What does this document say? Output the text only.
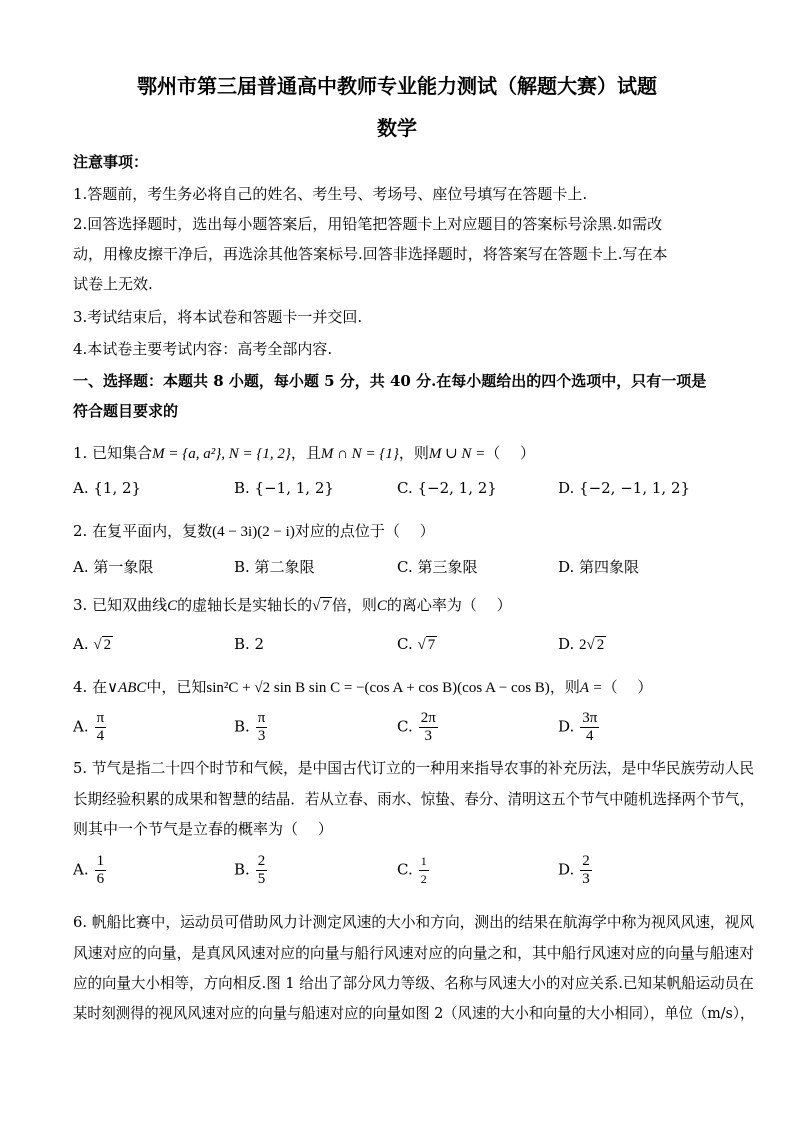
鄂州市第三届普通高中教师专业能力测试（解题大赛）试题
数学
注意事项：
1.答题前，考生务必将自己的姓名、考生号、考场号、座位号填写在答题卡上.
2.回答选择题时，选出每小题答案后，用铅笔把答题卡上对应题目的答案标号涂黑.如需改
动，用橡皮擦干净后，再选涂其他答案标号.回答非选择题时，将答案写在答题卡上.写在本
试卷上无效.
3.考试结束后，将本试卷和答题卡一并交回.
4.本试卷主要考试内容：高考全部内容.
一、选择题：本题共 8 小题，每小题 5 分，共 40 分.在每小题给出的四个选项中，只有一项是
符合题目要求的
1. 已知集合M = {a, a²}, N = {1, 2}，且M ∩ N = {1}，则M ∪ N =（　 ）
A. {1, 2}	B. {−1, 1, 2}	C. {−2, 1, 2}	D. {−2, −1, 1, 2}
2. 在复平面内，复数(4 − 3i)(2 − i)对应的点位于（　 ）
A. 第一象限	B. 第二象限	C. 第三象限	D. 第四象限
3. 已知双曲线C的虚轴长是实轴长的√ 7 倍，则C的离心率为（　 ）
A. √ 2	B. 2	C. √ 7	D. 2√ 2
4. 在∨ABC中，已知sin²C + √2 sin B sin C = −(cos A + cos B)(cos A − cos B)，则A =（　 ）
A. $\frac{\pi}{4}$	B. $\frac{\pi}{3}$	C. $\frac{2\pi}{3}$	D. $\frac{3\pi}{4}$
5. 节气是指二十四个时节和气候，是中国古代订立的一种用来指导农事的补充历法，是中华民族劳动人民
长期经验积累的成果和智慧的结晶．若从立春、雨水、惊蛰、春分、清明这五个节气中随机选择两个节气，
则其中一个节气是立春的概率为（　 ）
A. $\frac{1}{6}$	B. $\frac{2}{5}$	C. $\frac{1}{2}$	D. $\frac{2}{3}$
6. 帆船比赛中，运动员可借助风力计测定风速的大小和方向，测出的结果在航海学中称为视风风速，视风
风速对应的向量，是真风风速对应的向量与船行风速对应的向量之和，其中船行风速对应的向量与船速对
应的向量大小相等，方向相反.图 1 给出了部分风力等级、名称与风速大小的对应关系.已知某帆船运动员在
某时刻测得的视风风速对应的向量与船速对应的向量如图 2（风速的大小和向量的大小相同），单位（m/s），
